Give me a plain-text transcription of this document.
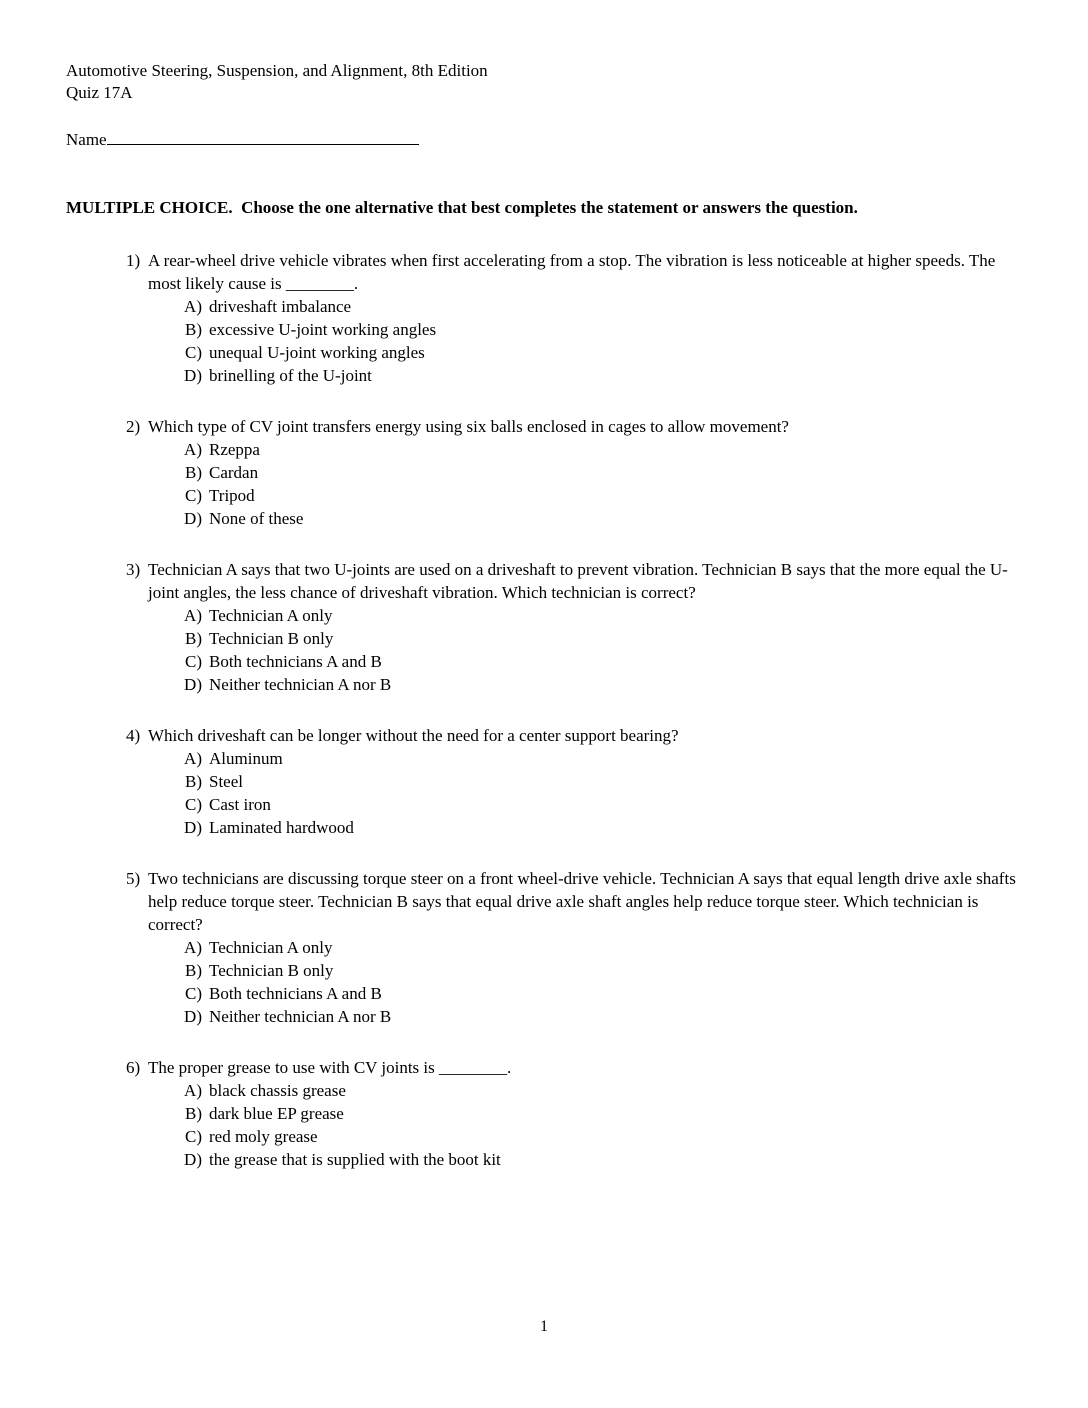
Automotive Steering, Suspension, and Alignment, 8th Edition
Quiz 17A
Name
MULTIPLE CHOICE.  Choose the one alternative that best completes the statement or answers the question.
1) A rear-wheel drive vehicle vibrates when first accelerating from a stop. The vibration is less noticeable at higher speeds. The most likely cause is ________.
A) driveshaft imbalance
B) excessive U-joint working angles
C) unequal U-joint working angles
D) brinelling of the U-joint
2) Which type of CV joint transfers energy using six balls enclosed in cages to allow movement?
A) Rzeppa
B) Cardan
C) Tripod
D) None of these
3) Technician A says that two U-joints are used on a driveshaft to prevent vibration. Technician B says that the more equal the U-joint angles, the less chance of driveshaft vibration. Which technician is correct?
A) Technician A only
B) Technician B only
C) Both technicians A and B
D) Neither technician A nor B
4) Which driveshaft can be longer without the need for a center support bearing?
A) Aluminum
B) Steel
C) Cast iron
D) Laminated hardwood
5) Two technicians are discussing torque steer on a front wheel-drive vehicle. Technician A says that equal length drive axle shafts help reduce torque steer. Technician B says that equal drive axle shaft angles help reduce torque steer. Which technician is correct?
A) Technician A only
B) Technician B only
C) Both technicians A and B
D) Neither technician A nor B
6) The proper grease to use with CV joints is ________.
A) black chassis grease
B) dark blue EP grease
C) red moly grease
D) the grease that is supplied with the boot kit
1
